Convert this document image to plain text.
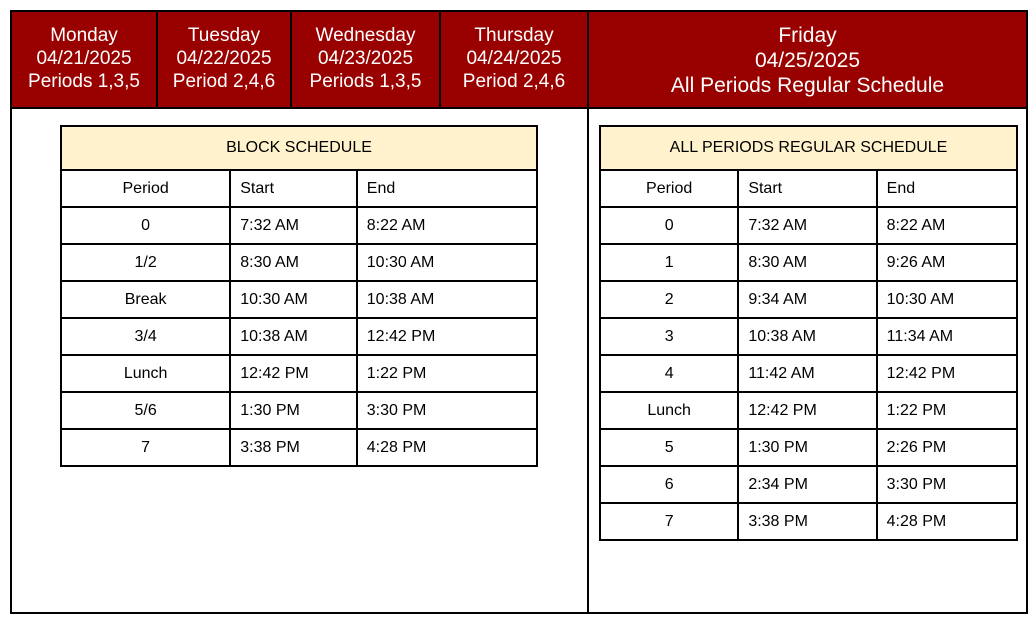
Monday
04/21/2025
Periods 1,3,5
Tuesday
04/22/2025
Period 2,4,6
Wednesday
04/23/2025
Periods 1,3,5
Thursday
04/24/2025
Period 2,4,6
Friday
04/25/2025
All Periods Regular Schedule
BLOCK SCHEDULE		
Period	Start	End
0	7:32 AM	8:22 AM
1/2	8:30 AM	10:30 AM
Break	10:30 AM	10:38 AM
3/4	10:38 AM	12:42 PM
Lunch	12:42 PM	1:22 PM
5/6	1:30 PM	3:30 PM
7	3:38 PM	4:28 PM
ALL PERIODS REGULAR SCHEDULE		
Period	Start	End
0	7:32 AM	8:22 AM
1	8:30 AM	9:26 AM
2	9:34 AM	10:30 AM
3	10:38 AM	11:34 AM
4	11:42 AM	12:42 PM
Lunch	12:42 PM	1:22 PM
5	1:30 PM	2:26 PM
6	2:34 PM	3:30 PM
7	3:38 PM	4:28 PM
